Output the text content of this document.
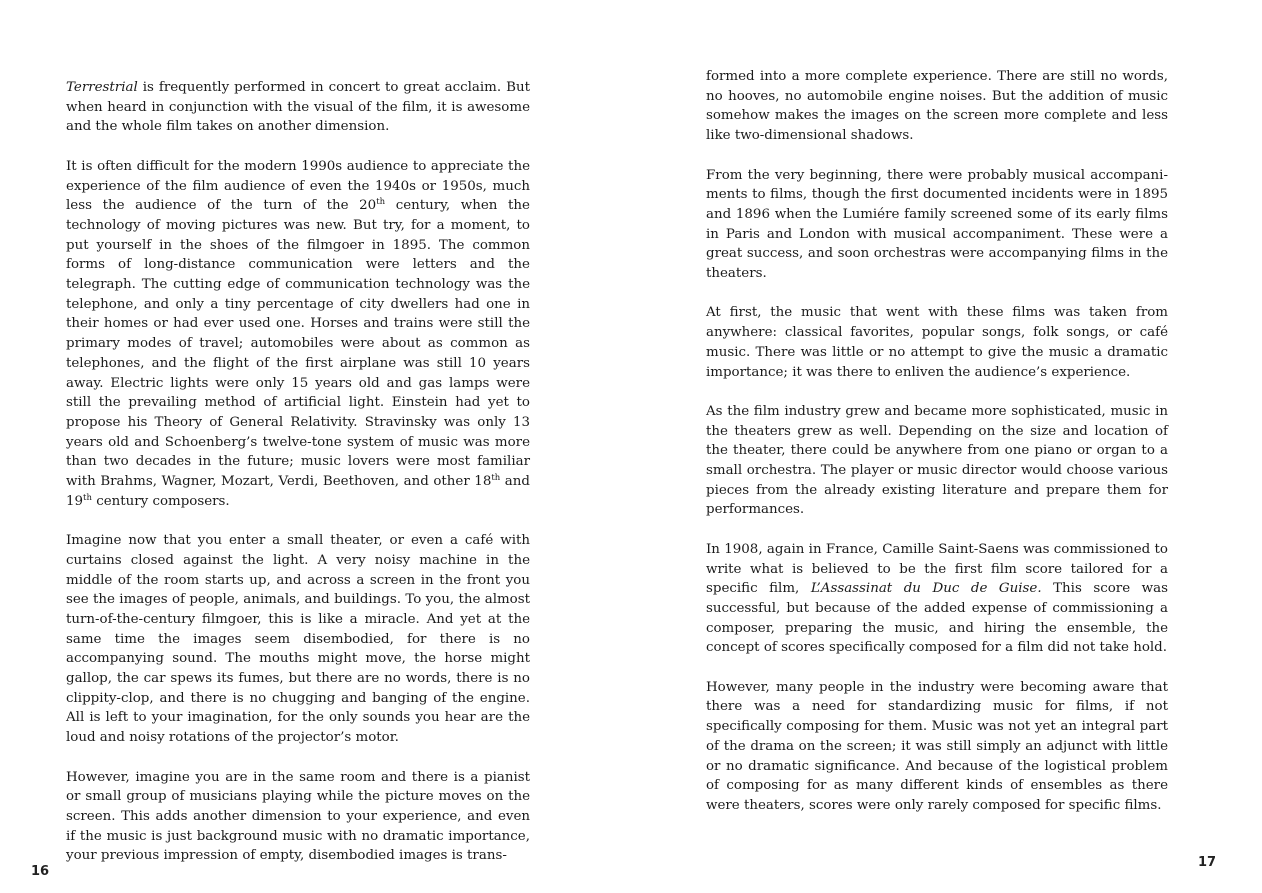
Terrestrial is frequently performed in concert to great acclaim. But when heard in conjunction with the visual of the film, it is awesome and the whole film takes on another dimension.

It is often difficult for the modern 1990s audience to appreciate the experience of the film audience of even the 1940s or 1950s, much less the audience of the turn of the 20th century, when the technology of moving pictures was new. But try, for a moment, to put yourself in the shoes of the filmgoer in 1895. The common forms of long-distance communication were letters and the telegraph. The cutting edge of communication technology was the telephone, and only a tiny percentage of city dwellers had one in their homes or had ever used one. Horses and trains were still the primary modes of travel; automobiles were about as common as telephones, and the flight of the first airplane was still 10 years away. Electric lights were only 15 years old and gas lamps were still the prevailing method of artificial light. Einstein had yet to propose his Theory of General Relativity. Stravinsky was only 13 years old and Schoenberg’s twelve-tone system of music was more than two decades in the future; music lovers were most familiar with Brahms, Wagner, Mozart, Verdi, Beethoven, and other 18th and 19th century composers.

Imagine now that you enter a small theater, or even a café with curtains closed against the light. A very noisy machine in the middle of the room starts up, and across a screen in the front you see the images of people, animals, and buildings. To you, the almost turn-of-the-century filmgoer, this is like a miracle. And yet at the same time the images seem disembodied, for there is no accompanying sound. The mouths might move, the horse might gallop, the car spews its fumes, but there are no words, there is no clippity-clop, and there is no chugging and banging of the engine. All is left to your imagination, for the only sounds you hear are the loud and noisy rotations of the projector’s motor.

However, imagine you are in the same room and there is a pianist or small group of musicians playing while the picture moves on the screen. This adds another dimension to your experience, and even if the music is just background music with no dramatic importance, your previous impression of empty, disembodied images is trans-

16

formed into a more complete experience. There are still no words, no hooves, no automobile engine noises. But the addition of music somehow makes the images on the screen more complete and less like two-dimensional shadows.

From the very beginning, there were probably musical accompaniments to films, though the first documented incidents were in 1895 and 1896 when the Lumiére family screened some of its early films in Paris and London with musical accompaniment. These were a great success, and soon orchestras were accompanying films in the theaters.

At first, the music that went with these films was taken from anywhere: classical favorites, popular songs, folk songs, or café music. There was little or no attempt to give the music a dramatic importance; it was there to enliven the audience’s experience.

As the film industry grew and became more sophisticated, music in the theaters grew as well. Depending on the size and location of the theater, there could be anywhere from one piano or organ to a small orchestra. The player or music director would choose various pieces from the already existing literature and prepare them for performances.

In 1908, again in France, Camille Saint-Saens was commissioned to write what is believed to be the first film score tailored for a specific film, L’Assassinat du Duc de Guise. This score was successful, but because of the added expense of commissioning a composer, preparing the music, and hiring the ensemble, the concept of scores specifically composed for a film did not take hold.

However, many people in the industry were becoming aware that there was a need for standardizing music for films, if not specifically composing for them. Music was not yet an integral part of the drama on the screen; it was still simply an adjunct with little or no dramatic significance. And because of the logistical problem of composing for as many different kinds of ensembles as there were theaters, scores were only rarely composed for specific films.

17
